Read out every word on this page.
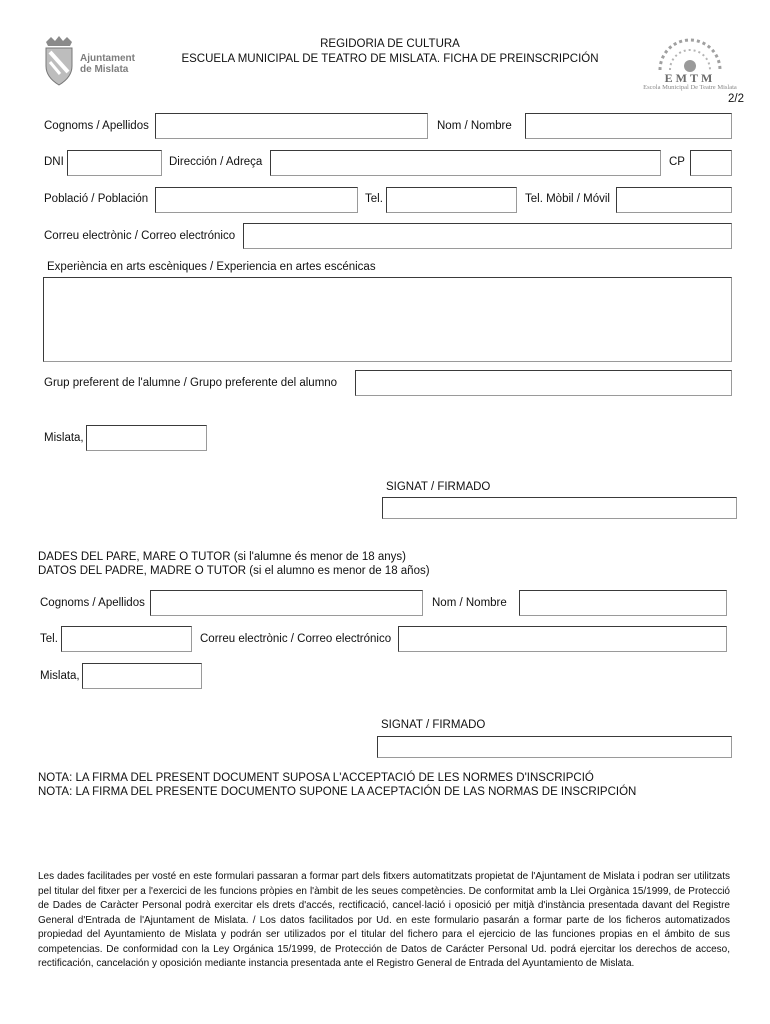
Ajuntament
de Mislata
REGIDORIA DE CULTURA
ESCUELA MUNICIPAL DE TEATRO DE MISLATA. FICHA DE PREINSCRIPCIÓN
EMTM
Escola Municipal De Teatre Mislata
2/2
Cognoms / Apellidos	Nom / Nombre
DNI	Dirección / Adreça	CP
Població / Población	Tel.	Tel. Mòbil / Móvil
Correu electrònic / Correo electrónico
Experiència en arts escèniques / Experiencia en artes escénicas
Grup preferent de l'alumne / Grupo preferente del alumno
Mislata,
SIGNAT / FIRMADO
DADES DEL PARE, MARE O TUTOR (si l'alumne és menor de 18 anys)
DATOS DEL PADRE, MADRE O TUTOR (si el alumno es menor de 18 años)
Cognoms / Apellidos	Nom / Nombre
Tel.	Correu electrònic / Correo electrónico
Mislata,
SIGNAT / FIRMADO
NOTA: LA FIRMA DEL PRESENT DOCUMENT SUPOSA L'ACCEPTACIÓ DE LES NORMES D'INSCRIPCIÓ
NOTA: LA FIRMA DEL PRESENTE DOCUMENTO SUPONE LA ACEPTACIÓN DE LAS NORMAS DE INSCRIPCIÓN
Les dades facilitades per vosté en este formulari passaran a formar part dels fitxers automatitzats propietat de l'Ajuntament de Mislata i podran ser utilitzats pel titular del fitxer per a l'exercici de les funcions pròpies en l'àmbit de les seues competències. De conformitat amb la Llei Orgànica 15/1999, de Protecció de Dades de Caràcter Personal podrà exercitar els drets d'accés, rectificació, cancel·lació i oposició per mitjà d'instància presentada davant del Registre General d'Entrada de l'Ajuntament de Mislata. / Los datos facilitados por Ud. en este formulario pasarán a formar parte de los ficheros automatizados propiedad del Ayuntamiento de Mislata y podrán ser utilizados por el titular del fichero para el ejercicio de las funciones propias en el ámbito de sus competencias. De conformidad con la Ley Orgánica 15/1999, de Protección de Datos de Carácter Personal Ud. podrá ejercitar los derechos de acceso, rectificación, cancelación y oposición mediante instancia presentada ante el Registro General de Entrada del Ayuntamiento de Mislata.
